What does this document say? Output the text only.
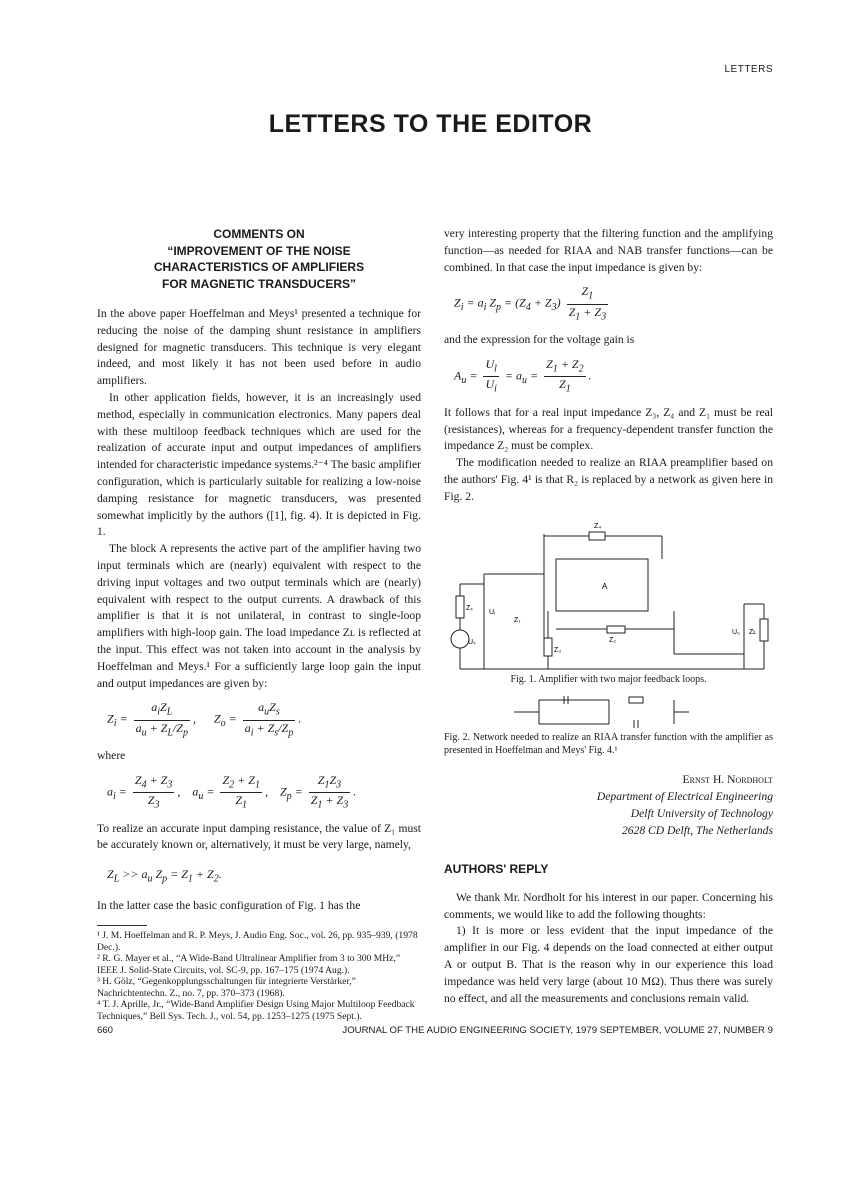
LETTERS
LETTERS TO THE EDITOR
COMMENTS ON
“IMPROVEMENT OF THE NOISE
CHARACTERISTICS OF AMPLIFIERS
FOR MAGNETIC TRANSDUCERS”

In the above paper Hoeffelman and Meys¹ presented a technique for reducing the noise of the damping shunt resistance in amplifiers designed for magnetic transducers. This technique is very elegant indeed, and most likely it has not been used before in audio amplifiers.

In other application fields, however, it is an increasingly used method, especially in communication electronics. Many papers deal with these multiloop feedback techniques which are used for the realization of accurate input and output impedances of amplifiers intended for characteristic impedance systems.²⁻⁴ The basic amplifier configuration, which is particularly suitable for realizing a low-noise damping resistance for magnetic transducers, was presented somewhat implicitly by the authors ([1], fig. 4). It is depicted in Fig. 1.

The block A represents the active part of the amplifier having two input terminals which are (nearly) equivalent with respect to the driving input voltages and two output terminals which are (nearly) equivalent with respect to the output currents. A drawback of this amplifier is that it is not unilateral, in contrast to single-loop amplifiers with high-loop gain. The load impedance Zʟ is reflected at the input. This effect was not taken into account in the analysis by Hoeffelman and Meys.¹ For a sufficiently large loop gain the input and output impedances are given by:

$Z_i = \frac{a_iZ_L}{a_u + Z_L/Z_p}$ ,      $Z_o = \frac{a_uZ_s}{a_i + Z_s/Z_p}$ .

where

$a_i = \frac{Z_4 + Z_3}{Z_3}$ ,    $a_u = \frac{Z_2 + Z_1}{Z_1}$ ,    $Z_p = \frac{Z_1Z_3}{Z_1 + Z_3}$ .

To realize an accurate input damping resistance, the value of Z₁ must be accurately known or, alternatively, it must be very large, namely,

$Z_L >> a_u$ $Z_p = Z_1 + Z_2$.

In the latter case the basic configuration of Fig. 1 has the

¹ J. M. Hoeffelman and R. P. Meys, J. Audio Eng. Soc., vol. 26, pp. 935–939, (1978 Dec.).
² R. G. Mayer et al., “A Wide-Band Ultralinear Amplifier from 3 to 300 MHz,” IEEE J. Solid-State Circuits, vol. SC-9, pp. 167–175 (1974 Aug.).
³ H. Gölz, “Gegenkopplungsschaltungen für integrierte Verstärker,” Nachrichtentechn. Z., no. 7, pp. 370–373 (1968).
⁴ T. J. Aprille, Jr., “Wide-Band Amplifier Design Using Major Multiloop Feedback Techniques,” Bell Sys. Tech. J., vol. 54, pp. 1253–1275 (1975 Sept.).

very interesting property that the filtering function and the amplifying function—as needed for RIAA and NAB transfer functions—can be combined. In that case the input impedance is given by:

$Z_i = a_i$ $Z_p = (Z_4 + Z_3) \frac{Z_1}{Z_1 + Z_3}$

and the expression for the voltage gain is

$A_u = \frac{U_l}{U_i} = a_u = \frac{Z_1 + Z_2}{Z_1}$ .

It follows that for a real input impedance Z₃, Z₄ and Z₁ must be real (resistances), whereas for a frequency-dependent transfer function the impedance Z₂ must be complex.

The modification needed to realize an RIAA preamplifier based on the authors' Fig. 4¹ is that R₂ is replaced by a network as given here in Fig. 2.

A
Z₄
Zₛ
Uₛ
Uᵢ
Z₃
Z₂
Z₁
U₀ Zʟ
Fig. 1. Amplifier with two major feedback loops.
Fig. 2. Network needed to realize an RIAA transfer function with the amplifier as presented in Hoeffelman and Meys' Fig. 4.¹
Ernst H. Nordholt
Department of Electrical Engineering
Delft University of Technology
2628 CD Delft, The Netherlands
AUTHORS' REPLY

We thank Mr. Nordholt for his interest in our paper. Concerning his comments, we would like to add the following thoughts:

1) It is more or less evident that the input impedance of the amplifier in our Fig. 4 depends on the load connected at either output A or output B. That is the reason why in our experience this load impedance was held very large (about 10 MΩ). Thus there was surely no effect, and all the measurements and conclusions remain valid.

660	JOURNAL OF THE AUDIO ENGINEERING SOCIETY, 1979 SEPTEMBER, VOLUME 27, NUMBER 9
